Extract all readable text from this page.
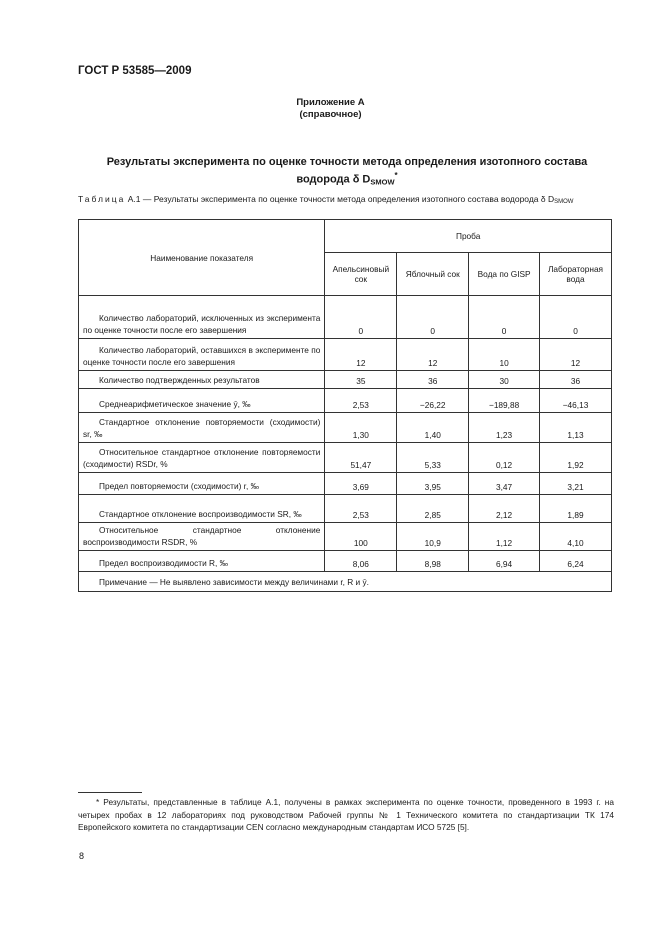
ГОСТ Р 53585—2009
Приложение А
(справочное)
Результаты эксперимента по оценке точности метода определения изотопного состава водорода δ $D_{SMOW}^*$
Таблица А.1 — Результаты эксперимента по оценке точности метода определения изотопного состава водорода δ $D_{SMOW}$
Наименование показателя	Проба			
	Апельсиновый сок	Яблочный сок	Вода по GISP	Лабораторная вода
Количество лабораторий, исключенных из эксперимента по оценке точности после его завершения	0	0	0	0
Количество лабораторий, оставшихся в эксперименте по оценке точности после его завершения	12	12	10	12
Количество подтвержденных результатов	35	36	30	36
Среднеарифметическое значение ȳ, ‰	2,53	−26,22	−189,88	−46,13
Стандартное отклонение повторяемости (сходимости) sr, ‰	1,30	1,40	1,23	1,13
Относительное стандартное отклонение повторяемости (сходимости) RSDr, %	51,47	5,33	0,12	1,92
Предел повторяемости (сходимости) r, ‰	3,69	3,95	3,47	3,21
Стандартное отклонение воспроизводимости SR, ‰	2,53	2,85	2,12	1,89
Относительное стандартное отклонение воспроизводимости RSDR, %	100	10,9	1,12	4,10
Предел воспроизводимости R, ‰	8,06	8,98	6,94	6,24
Примечание — Не выявлено зависимости между величинами r, R и ȳ.				
* Результаты, представленные в таблице А.1, получены в рамках эксперимента по оценке точности, проведенного в 1993 г. на четырех пробах в 12 лабораториях под руководством Рабочей группы № 1 Технического комитета по стандартизации ТК 174 Европейского комитета по стандартизации CEN согласно международным стандартам ИСО 5725 [5].
8
